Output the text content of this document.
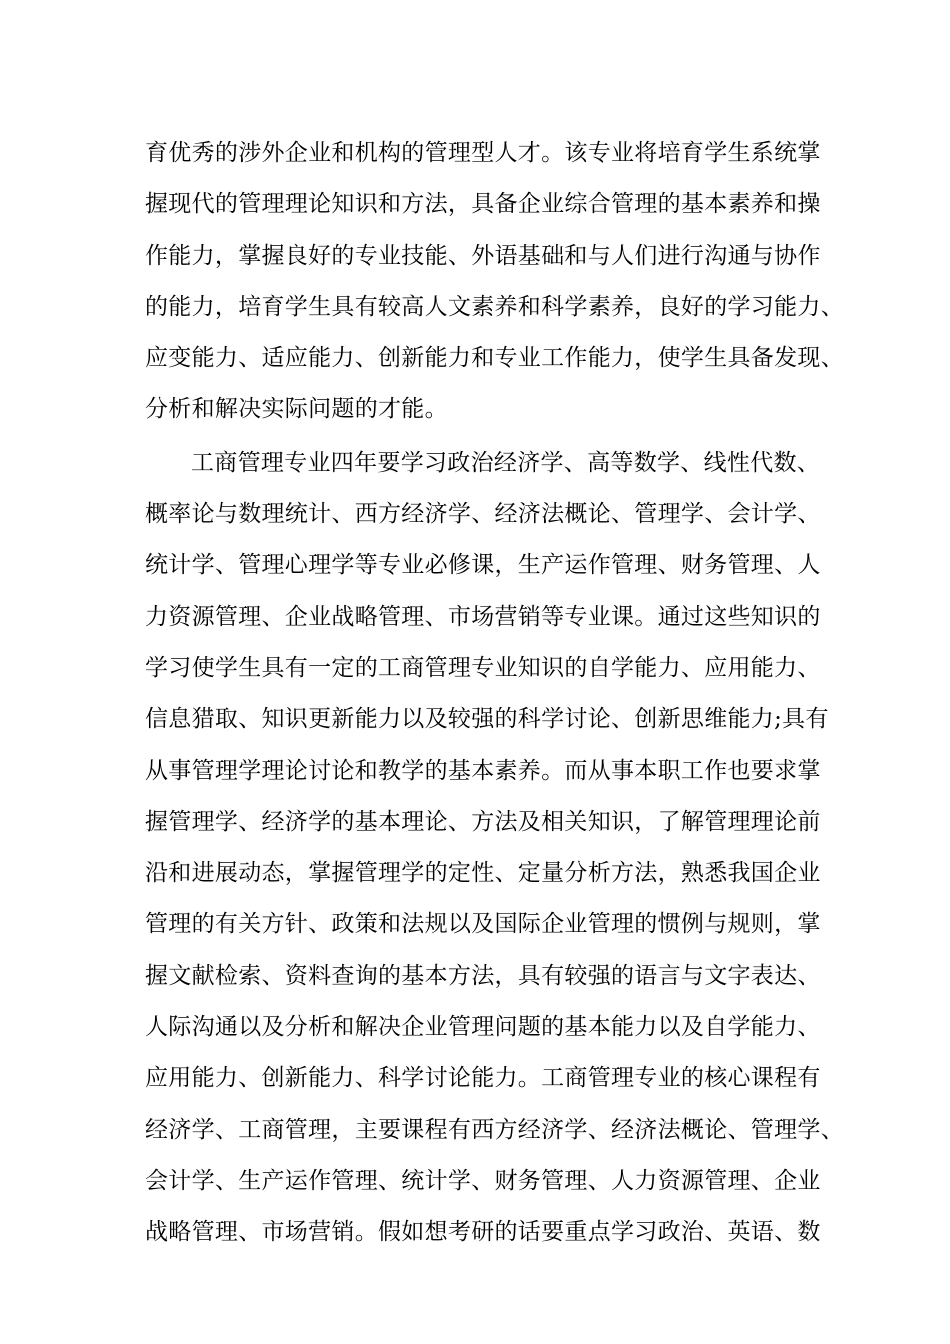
育优秀的涉外企业和机构的管理型人才。该专业将培育学生系统掌
握现代的管理理论知识和方法，具备企业综合管理的基本素养和操
作能力，掌握良好的专业技能、外语基础和与人们进行沟通与协作
的能力，培育学生具有较高人文素养和科学素养，良好的学习能力、
应变能力、适应能力、创新能力和专业工作能力，使学生具备发现、
分析和解决实际问题的才能。
工商管理专业四年要学习政治经济学、高等数学、线性代数、
概率论与数理统计、西方经济学、经济法概论、管理学、会计学、
统计学、管理心理学等专业必修课，生产运作管理、财务管理、人
力资源管理、企业战略管理、市场营销等专业课。通过这些知识的
学习使学生具有一定的工商管理专业知识的自学能力、应用能力、
信息猎取、知识更新能力以及较强的科学讨论、创新思维能力;具有
从事管理学理论讨论和教学的基本素养。而从事本职工作也要求掌
握管理学、经济学的基本理论、方法及相关知识，了解管理理论前
沿和进展动态，掌握管理学的定性、定量分析方法，熟悉我国企业
管理的有关方针、政策和法规以及国际企业管理的惯例与规则，掌
握文献检索、资料查询的基本方法，具有较强的语言与文字表达、
人际沟通以及分析和解决企业管理问题的基本能力以及自学能力、
应用能力、创新能力、科学讨论能力。工商管理专业的核心课程有
经济学、工商管理，主要课程有西方经济学、经济法概论、管理学、
会计学、生产运作管理、统计学、财务管理、人力资源管理、企业
战略管理、市场营销。假如想考研的话要重点学习政治、英语、数
